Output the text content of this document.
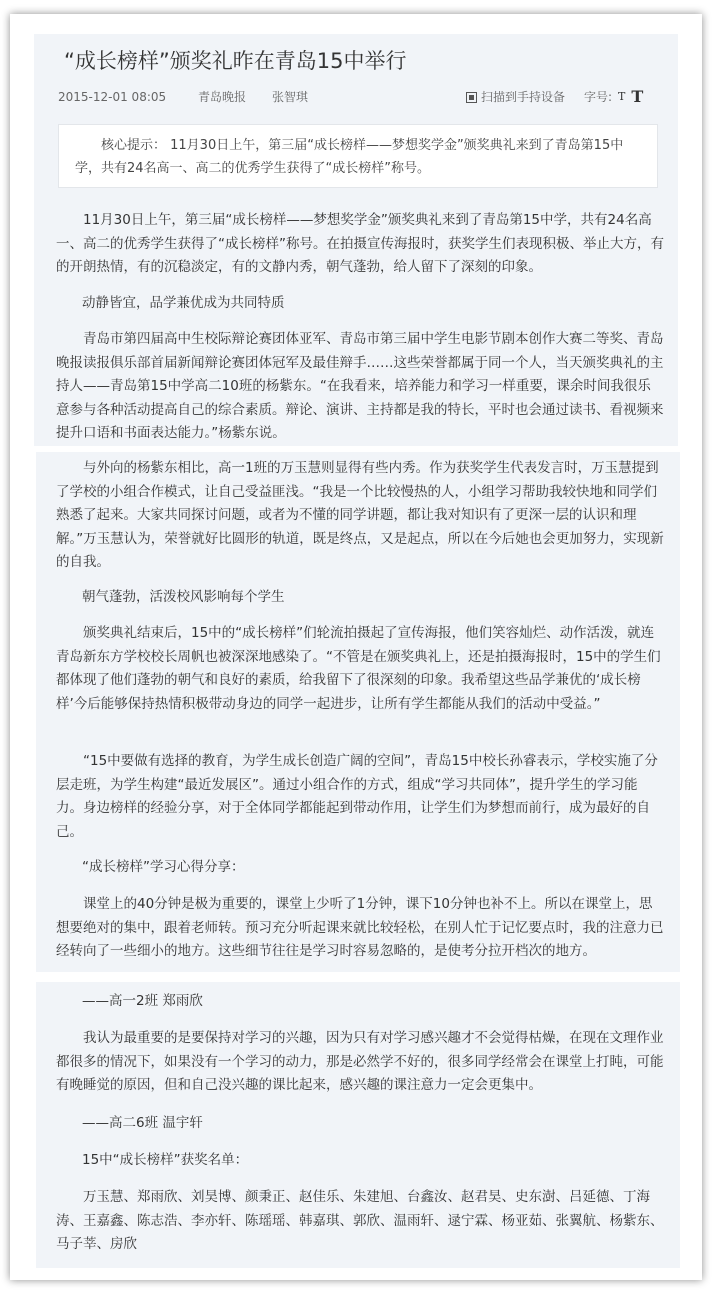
“成长榜样”颁奖礼昨在青岛15中举行
2015-12-01 08:05	青岛晚报 张智琪	扫描到手持设备 字号: T T
核心提示： 11月30日上午，第三届“成长榜样——梦想奖学金”颁奖典礼来到了青岛第15中学，共有24名高一、高二的优秀学生获得了“成长榜样”称号。

11月30日上午，第三届“成长榜样——梦想奖学金”颁奖典礼来到了青岛第15中学，共有24名高一、高二的优秀学生获得了“成长榜样”称号。在拍摄宣传海报时，获奖学生们表现积极、举止大方，有的开朗热情，有的沉稳淡定，有的文静内秀，朝气蓬勃，给人留下了深刻的印象。

动静皆宜，品学兼优成为共同特质

青岛市第四届高中生校际辩论赛团体亚军、青岛市第三届中学生电影节剧本创作大赛二等奖、青岛晚报读报俱乐部首届新闻辩论赛团体冠军及最佳辩手……这些荣誉都属于同一个人，当天颁奖典礼的主持人——青岛第15中学高二10班的杨紫东。“在我看来，培养能力和学习一样重要，课余时间我很乐意参与各种活动提高自己的综合素质。辩论、演讲、主持都是我的特长，平时也会通过读书、看视频来提升口语和书面表达能力。”杨紫东说。

与外向的杨紫东相比，高一1班的万玉慧则显得有些内秀。作为获奖学生代表发言时，万玉慧提到了学校的小组合作模式，让自己受益匪浅。“我是一个比较慢热的人，小组学习帮助我较快地和同学们熟悉了起来。大家共同探讨问题，或者为不懂的同学讲题，都让我对知识有了更深一层的认识和理解。”万玉慧认为，荣誉就好比圆形的轨道，既是终点，又是起点，所以在今后她也会更加努力，实现新的自我。

朝气蓬勃，活泼校风影响每个学生

颁奖典礼结束后，15中的“成长榜样”们轮流拍摄起了宣传海报，他们笑容灿烂、动作活泼，就连青岛新东方学校校长周帆也被深深地感染了。“不管是在颁奖典礼上，还是拍摄海报时，15中的学生们都体现了他们蓬勃的朝气和良好的素质，给我留下了很深刻的印象。我希望这些品学兼优的‘成长榜样’今后能够保持热情积极带动身边的同学一起进步，让所有学生都能从我们的活动中受益。”

“15中要做有选择的教育，为学生成长创造广阔的空间”，青岛15中校长孙睿表示，学校实施了分层走班，为学生构建“最近发展区”。通过小组合作的方式，组成“学习共同体”，提升学生的学习能力。身边榜样的经验分享，对于全体同学都能起到带动作用，让学生们为梦想而前行，成为最好的自己。

“成长榜样”学习心得分享：

课堂上的40分钟是极为重要的，课堂上少听了1分钟，课下10分钟也补不上。所以在课堂上，思想要绝对的集中，跟着老师转。预习充分听起课来就比较轻松，在别人忙于记忆要点时，我的注意力已经转向了一些细小的地方。这些细节往往是学习时容易忽略的，是使考分拉开档次的地方。

——高一2班 郑雨欣

我认为最重要的是要保持对学习的兴趣，因为只有对学习感兴趣才不会觉得枯燥，在现在文理作业都很多的情况下，如果没有一个学习的动力，那是必然学不好的，很多同学经常会在课堂上打盹，可能有晚睡觉的原因，但和自己没兴趣的课比起来，感兴趣的课注意力一定会更集中。

——高二6班 温宇轩

15中“成长榜样”获奖名单：

万玉慧、郑雨欣、刘昊博、颜秉正、赵佳乐、朱建旭、台鑫汝、赵君昊、史东澍、吕延德、丁海涛、王嘉鑫、陈志浩、李亦轩、陈瑶瑶、韩嘉琪、郭欣、温雨轩、逯宁霖、杨亚茹、张翼航、杨紫东、马子莘、房欣
